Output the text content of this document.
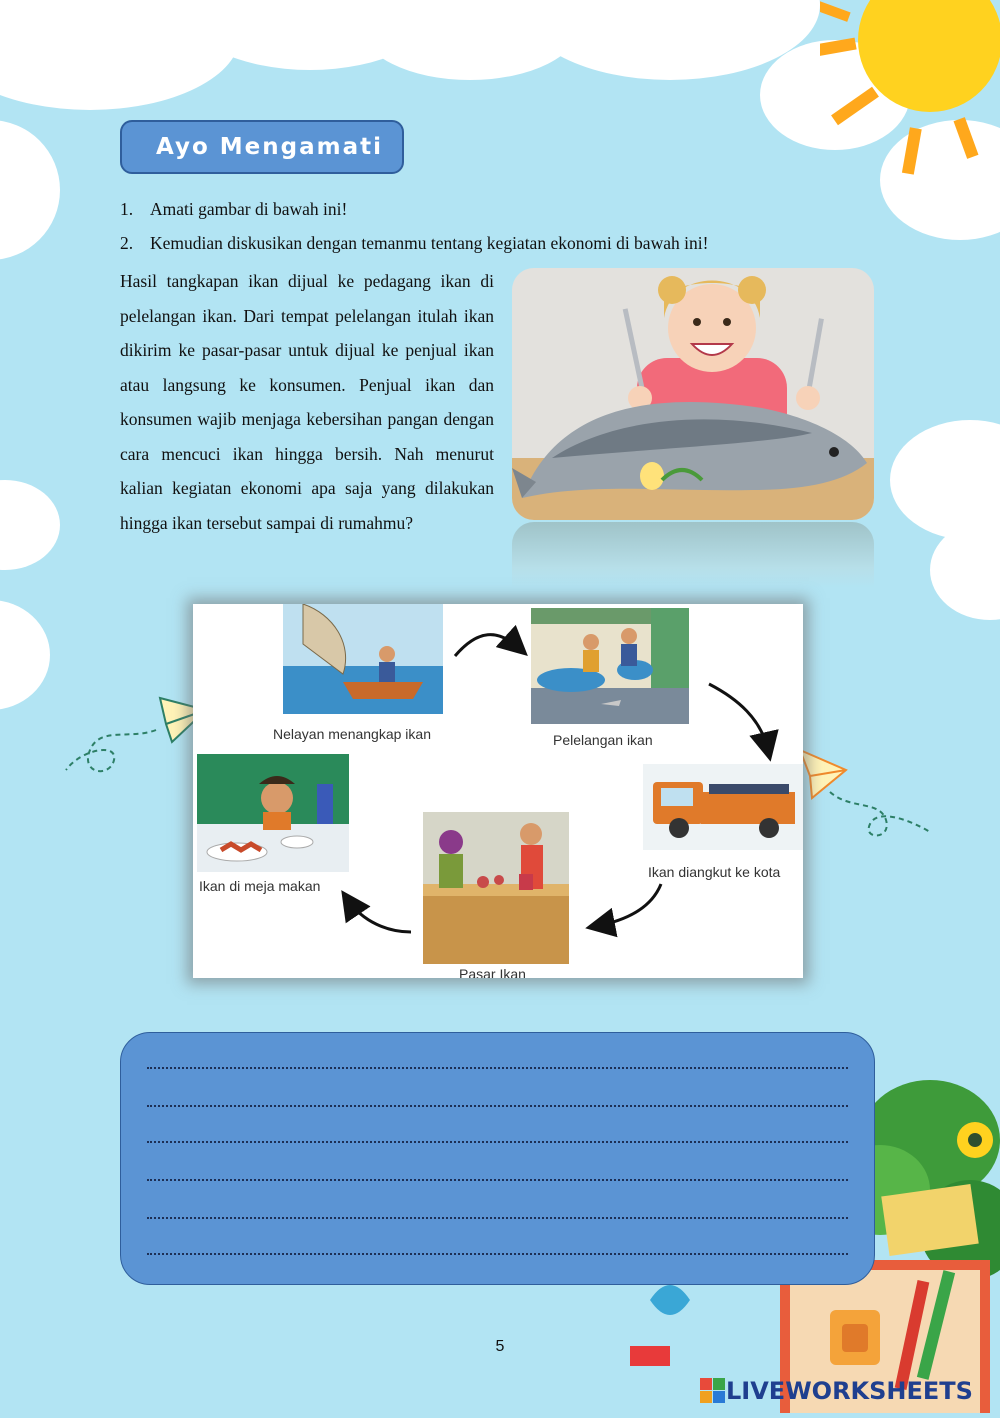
Ayo Mengamati
1. Amati gambar di bawah ini!
2. Kemudian diskusikan dengan temanmu tentang kegiatan ekonomi di bawah ini!
Hasil tangkapan ikan dijual ke pedagang ikan di pelelangan ikan. Dari tempat pelelangan itulah ikan dikirim ke pasar-pasar untuk dijual ke penjual ikan atau langsung ke konsumen. Penjual ikan dan konsumen wajib menjaga kebersihan pangan dengan cara mencuci ikan hingga bersih. Nah menurut kalian kegiatan ekonomi apa saja yang dilakukan hingga ikan tersebut sampai di rumahmu?
Nelayan menangkap ikan	Pelelangan ikan
Ikan diangkut ke kota
Pasar Ikan
Ikan di meja makan
5
LIVEWORKSHEETS
